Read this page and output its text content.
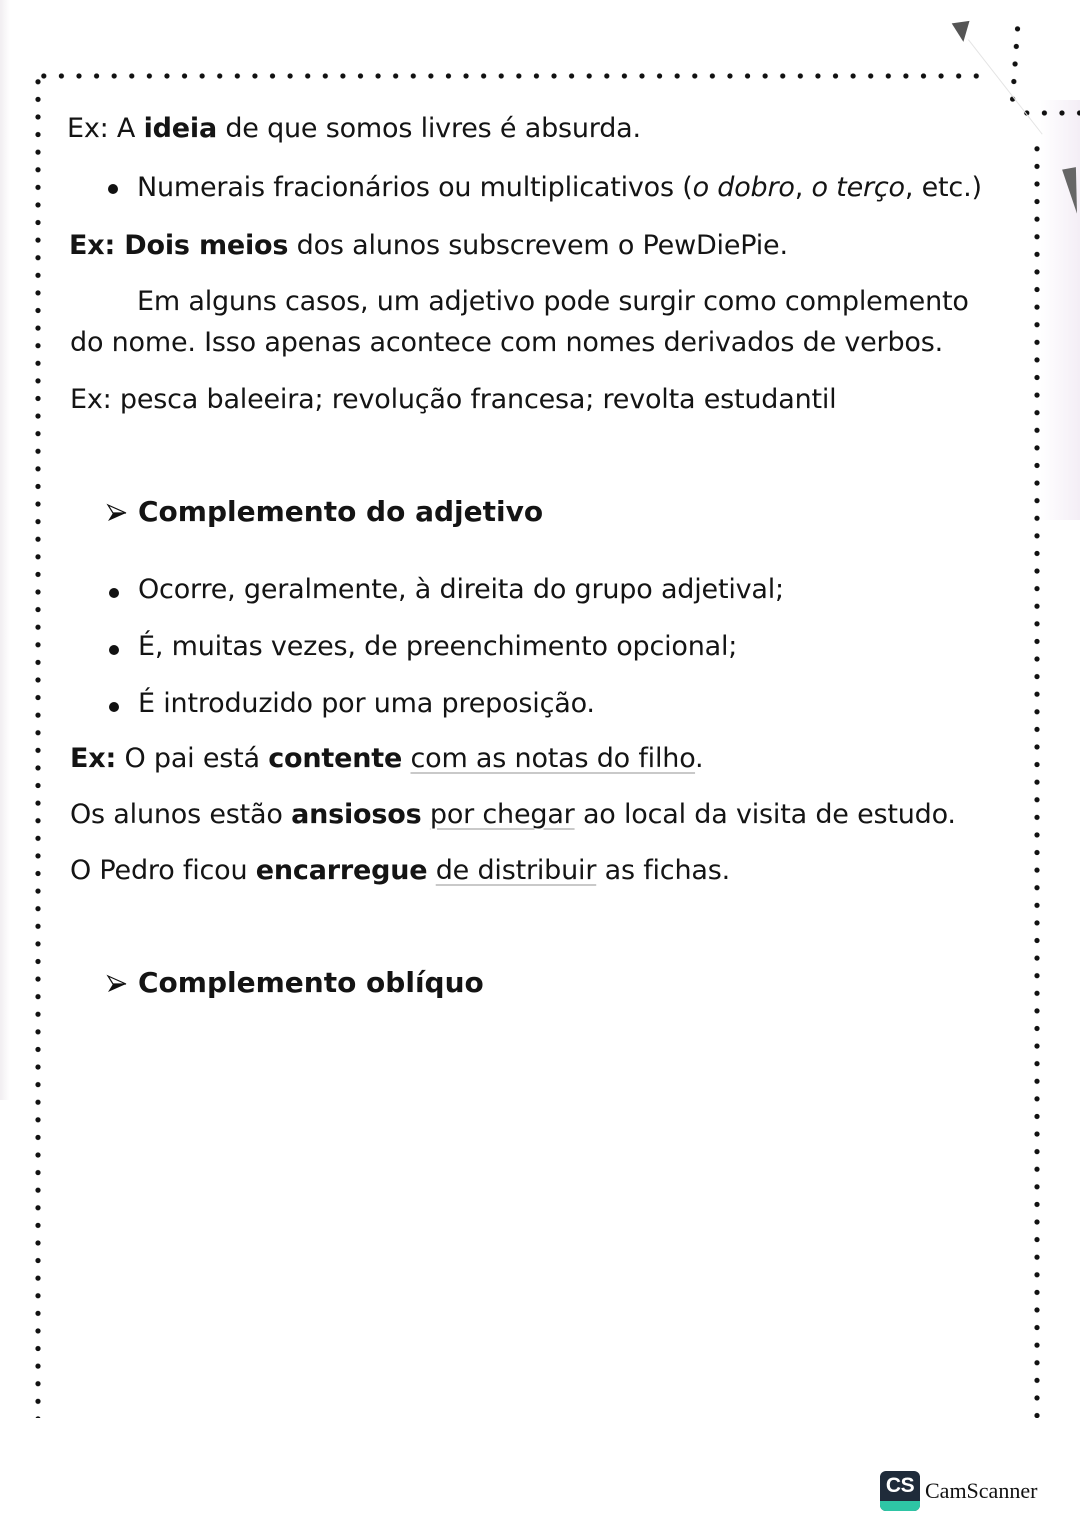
Ex: A ideia de que somos livres é absurda.
Numerais fracionários ou multiplicativos (o dobro, o terço, etc.)
Ex: Dois meios dos alunos subscrevem o PewDiePie.
Em alguns casos, um adjetivo pode surgir como complemento
do nome. Isso apenas acontece com nomes derivados de verbos.
Ex: pesca baleeira; revolução francesa; revolta estudantil
Complemento do adjetivo
Ocorre, geralmente, à direita do grupo adjetival;
É, muitas vezes, de preenchimento opcional;
É introduzido por uma preposição.
Ex: O pai está contente com as notas do filho.
Os alunos estão ansiosos por chegar ao local da visita de estudo.
O Pedro ficou encarregue de distribuir as fichas.
Complemento oblíquo
CS CamScanner
